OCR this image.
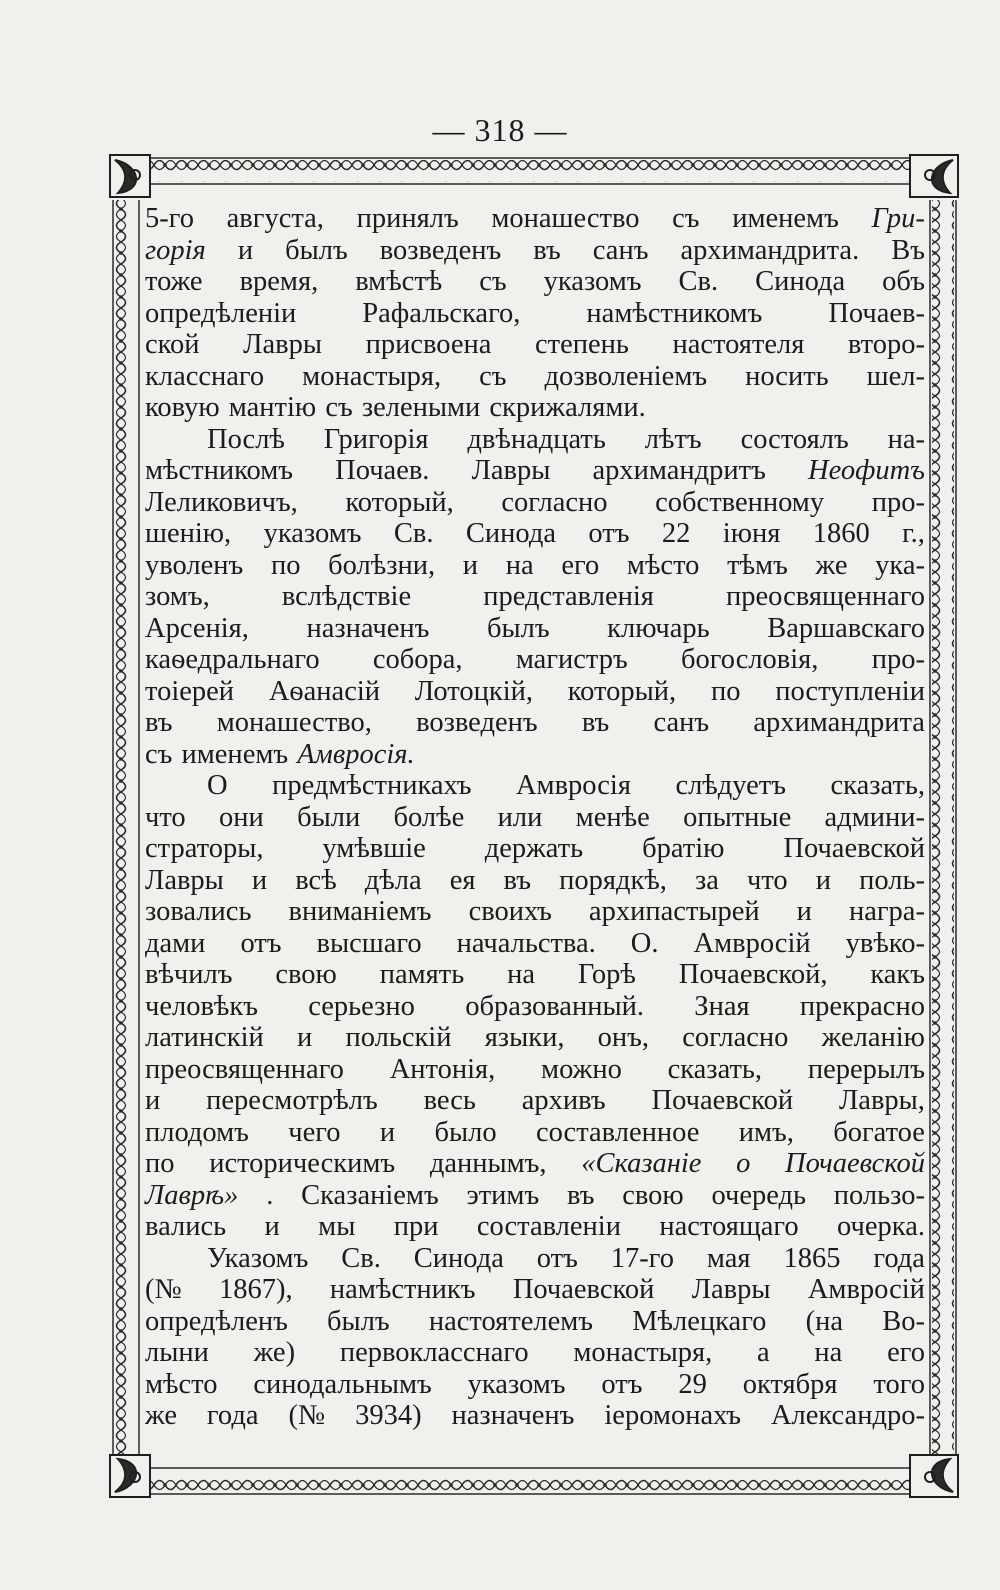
— 318 —
5-го августа, принялъ монашество съ именемъ Гри-
горія и былъ возведенъ въ санъ архимандрита. Въ
тоже время, вмѣстѣ съ указомъ Св. Синода объ
опредѣленіи Рафальскаго, намѣстникомъ Почаев-
ской Лавры присвоена степень настоятеля второ-
класснаго монастыря, съ дозволеніемъ носить шел-
ковую мантію съ зелеными скрижалями.
Послѣ Григорія двѣнадцать лѣтъ состоялъ на-
мѣстникомъ Почаев. Лавры архимандритъ Неофитъ
Леликовичъ, который, согласно собственному про-
шенію, указомъ Св. Синода отъ 22 іюня 1860 г.,
уволенъ по болѣзни, и на его мѣсто тѣмъ же ука-
зомъ,	вслѣдствіе	представленія	преосвященнаго
Арсенія, назначенъ былъ ключарь Варшавскаго
каѳедральнаго собора, магистръ богословія, про-
тоіерей Аѳанасій Лотоцкій, который, по поступленіи
въ монашество, возведенъ въ санъ архимандрита
съ именемъ Амвросія.
О предмѣстникахъ Амвросія слѣдуетъ сказать,
что они были болѣе или менѣе опытные админи-
страторы, умѣвшіе держать братію Почаевской
Лавры и всѣ дѣла ея въ порядкѣ, за что и поль-
зовались вниманіемъ своихъ архипастырей и награ-
дами отъ высшаго начальства. О. Амвросій увѣко-
вѣчилъ свою память на Горѣ Почаевской, какъ
человѣкъ серьезно образованный. Зная прекрасно
латинскій и польскій языки, онъ, согласно желанію
преосвященнаго Антонія, можно сказать, перерылъ
и пересмотрѣлъ весь архивъ Почаевской Лавры,
плодомъ чего и было составленное имъ, богатое
по историческимъ даннымъ, «Сказаніе о Почаевской
Лаврѣ» . Сказаніемъ этимъ въ свою очередь пользо-
вались и мы при составленіи настоящаго очерка.
Указомъ Св. Синода отъ 17-го мая 1865 года
(№ 1867), намѣстникъ Почаевской Лавры Амвросій
опредѣленъ былъ настоятелемъ Мѣлецкаго (на Во-
лыни же) первокласснаго монастыря, а на его
мѣсто синодальнымъ указомъ отъ 29 октября того
же года (№ 3934) назначенъ іеромонахъ Александро-
